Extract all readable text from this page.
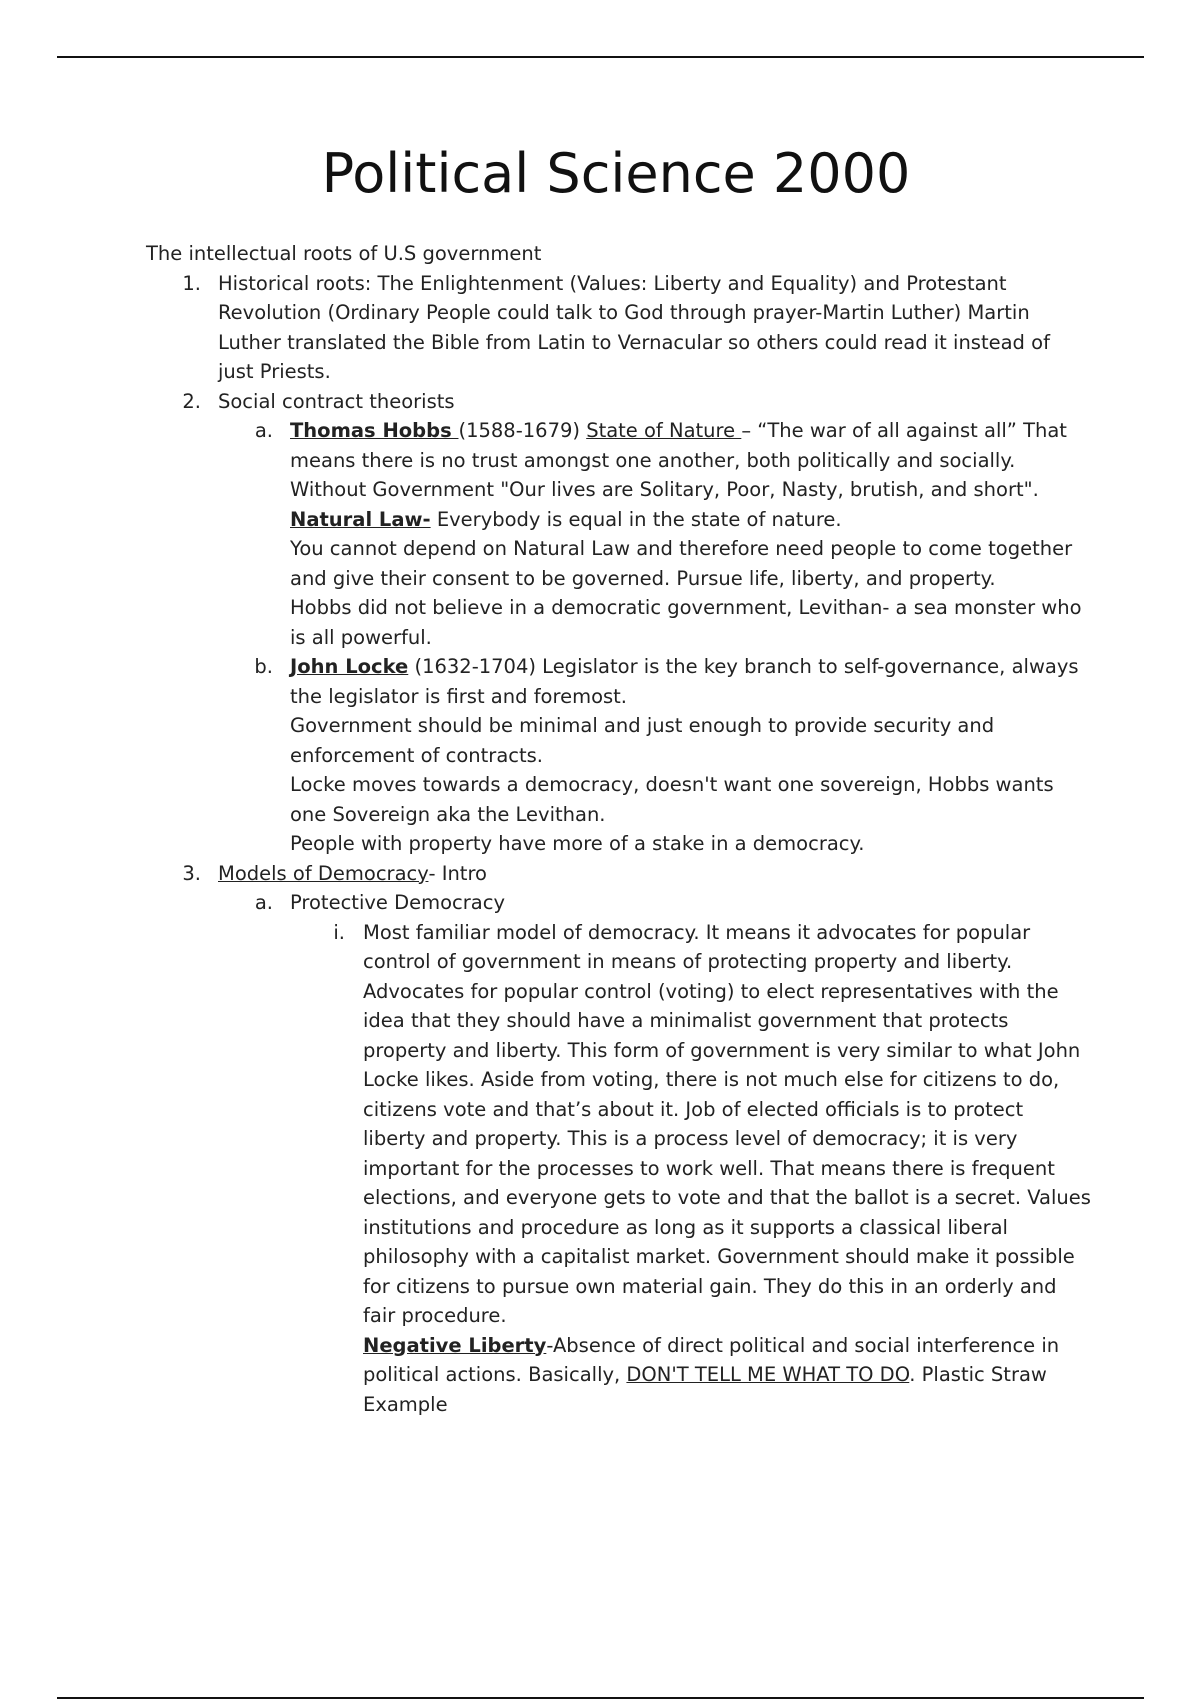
Political Science 2000
The intellectual roots of U.S government
1. Historical roots: The Enlightenment (Values: Liberty and Equality) and Protestant
Revolution (Ordinary People could talk to God through prayer-Martin Luther) Martin
Luther translated the Bible from Latin to Vernacular so others could read it instead of
just Priests.
2. Social contract theorists
a. Thomas Hobbs (1588-1679) State of Nature – “The war of all against all” That
means there is no trust amongst one another, both politically and socially.
Without Government "Our lives are Solitary, Poor, Nasty, brutish, and short".
Natural Law- Everybody is equal in the state of nature.
You cannot depend on Natural Law and therefore need people to come together
and give their consent to be governed. Pursue life, liberty, and property.
Hobbs did not believe in a democratic government, Levithan- a sea monster who
is all powerful.
b. John Locke (1632-1704) Legislator is the key branch to self-governance, always
the legislator is first and foremost.
Government should be minimal and just enough to provide security and
enforcement of contracts.
Locke moves towards a democracy, doesn't want one sovereign, Hobbs wants
one Sovereign aka the Levithan.
People with property have more of a stake in a democracy.
3. Models of Democracy- Intro
a. Protective Democracy
i. Most familiar model of democracy. It means it advocates for popular
control of government in means of protecting property and liberty.
Advocates for popular control (voting) to elect representatives with the
idea that they should have a minimalist government that protects
property and liberty. This form of government is very similar to what John
Locke likes. Aside from voting, there is not much else for citizens to do,
citizens vote and that’s about it. Job of elected officials is to protect
liberty and property. This is a process level of democracy; it is very
important for the processes to work well. That means there is frequent
elections, and everyone gets to vote and that the ballot is a secret. Values
institutions and procedure as long as it supports a classical liberal
philosophy with a capitalist market. Government should make it possible
for citizens to pursue own material gain. They do this in an orderly and
fair procedure.
Negative Liberty-Absence of direct political and social interference in
political actions. Basically, DON'T TELL ME WHAT TO DO. Plastic Straw
Example
